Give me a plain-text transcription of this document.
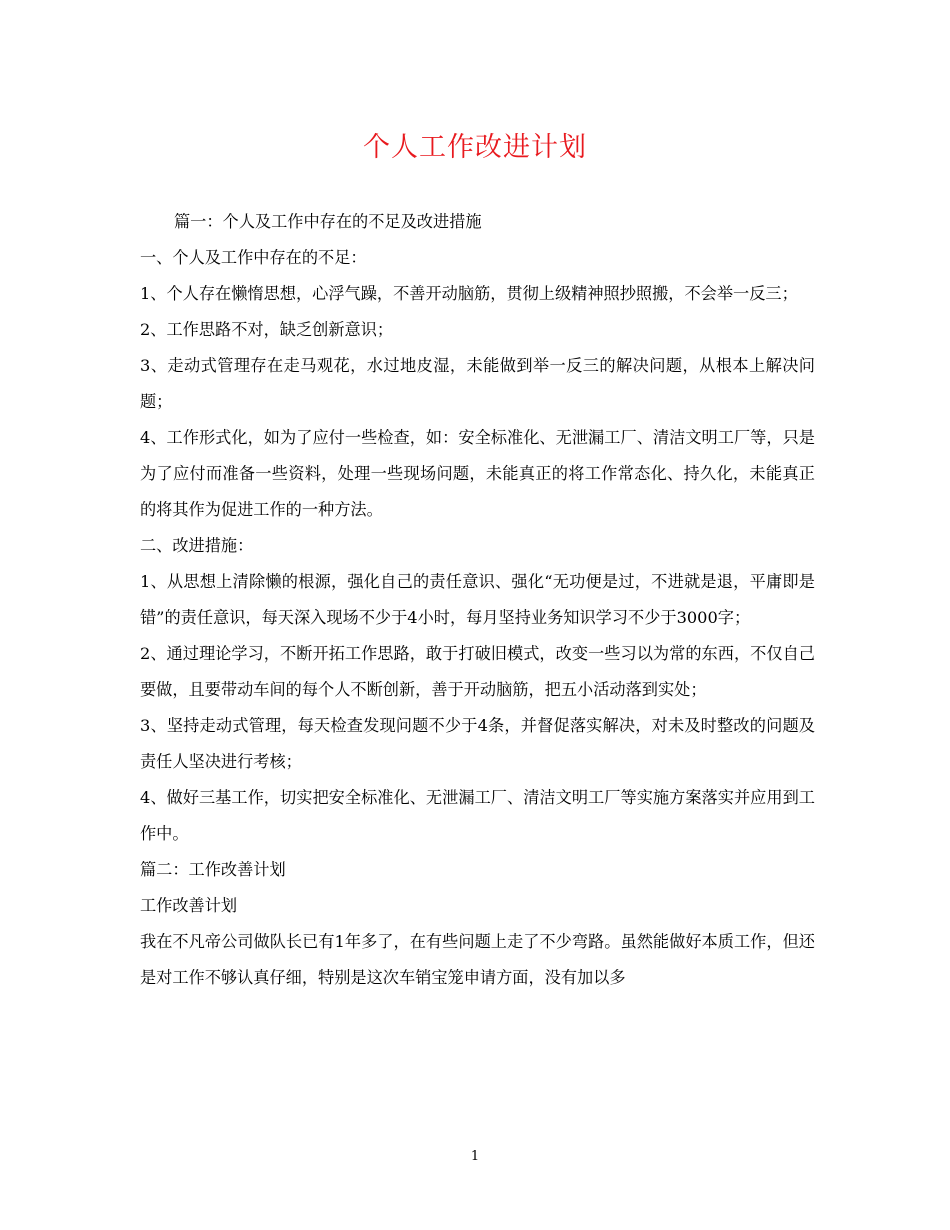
个人工作改进计划

篇一：个人及工作中存在的不足及改进措施

一、个人及工作中存在的不足：

1、个人存在懒惰思想，心浮气躁，不善开动脑筋，贯彻上级精神照抄照搬，不会举一反三；

2、工作思路不对，缺乏创新意识；

3、走动式管理存在走马观花，水过地皮湿，未能做到举一反三的解决问题，从根本上解决问题；

4、工作形式化，如为了应付一些检查，如：安全标准化、无泄漏工厂、清洁文明工厂等，只是为了应付而准备一些资料，处理一些现场问题，未能真正的将工作常态化、持久化，未能真正的将其作为促进工作的一种方法。

二、改进措施：

1、从思想上清除懒的根源，强化自己的责任意识、强化“无功便是过，不进就是退，平庸即是错”的责任意识，每天深入现场不少于4小时，每月坚持业务知识学习不少于3000字；

2、通过理论学习，不断开拓工作思路，敢于打破旧模式，改变一些习以为常的东西，不仅自己要做，且要带动车间的每个人不断创新，善于开动脑筋，把五小活动落到实处；

3、坚持走动式管理，每天检查发现问题不少于4条，并督促落实解决，对未及时整改的问题及责任人坚决进行考核；

4、做好三基工作，切实把安全标准化、无泄漏工厂、清洁文明工厂等实施方案落实并应用到工作中。

篇二：工作改善计划

工作改善计划

我在不凡帝公司做队长已有1年多了，在有些问题上走了不少弯路。虽然能做好本质工作，但还是对工作不够认真仔细，特别是这次车销宝笼申请方面，没有加以多

1
